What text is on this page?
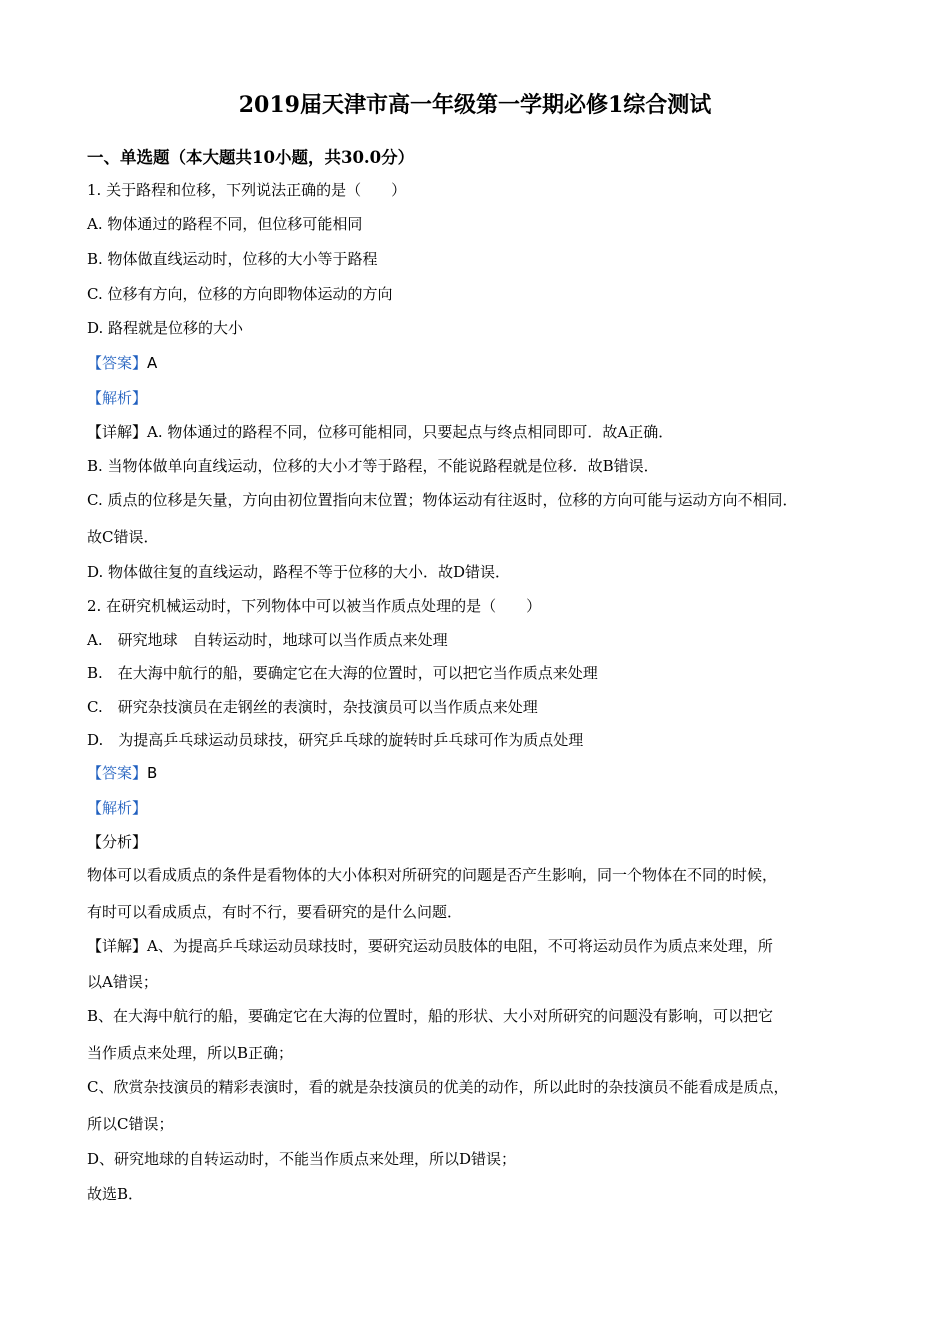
2019届天津市高一年级第一学期必修1综合测试
一、单选题（本大题共10小题，共30.0分）
1. 关于路程和位移，下列说法正确的是（　　）
A. 物体通过的路程不同，但位移可能相同
B. 物体做直线运动时，位移的大小等于路程
C. 位移有方向，位移的方向即物体运动的方向
D. 路程就是位移的大小
【答案】A
【解析】
【详解】A. 物体通过的路程不同，位移可能相同，只要起点与终点相同即可．故A正确．
B. 当物体做单向直线运动，位移的大小才等于路程，不能说路程就是位移．故B错误．
C. 质点的位移是矢量，方向由初位置指向末位置；物体运动有往返时，位移的方向可能与运动方向不相同．
故C错误．
D. 物体做往复的直线运动，路程不等于位移的大小．故D错误．
2. 在研究机械运动时，下列物体中可以被当作质点处理的是（　　）
A.　研究地球　自转运动时，地球可以当作质点来处理
B.　在大海中航行的船，要确定它在大海的位置时，可以把它当作质点来处理
C.　研究杂技演员在走钢丝的表演时，杂技演员可以当作质点来处理
D.　为提高乒乓球运动员球技，研究乒乓球的旋转时乒乓球可作为质点处理
【答案】B
【解析】
【分析】
物体可以看成质点的条件是看物体的大小体积对所研究的问题是否产生影响，同一个物体在不同的时候，
有时可以看成质点，有时不行，要看研究的是什么问题．
【详解】A、为提高乒乓球运动员球技时，要研究运动员肢体的电阻，不可将运动员作为质点来处理，所
以A错误；
B、在大海中航行的船，要确定它在大海的位置时，船的形状、大小对所研究的问题没有影响，可以把它
当作质点来处理，所以B正确；
C、欣赏杂技演员的精彩表演时，看的就是杂技演员的优美的动作，所以此时的杂技演员不能看成是质点，
所以C错误；
D、研究地球的自转运动时，不能当作质点来处理，所以D错误；
故选B．
